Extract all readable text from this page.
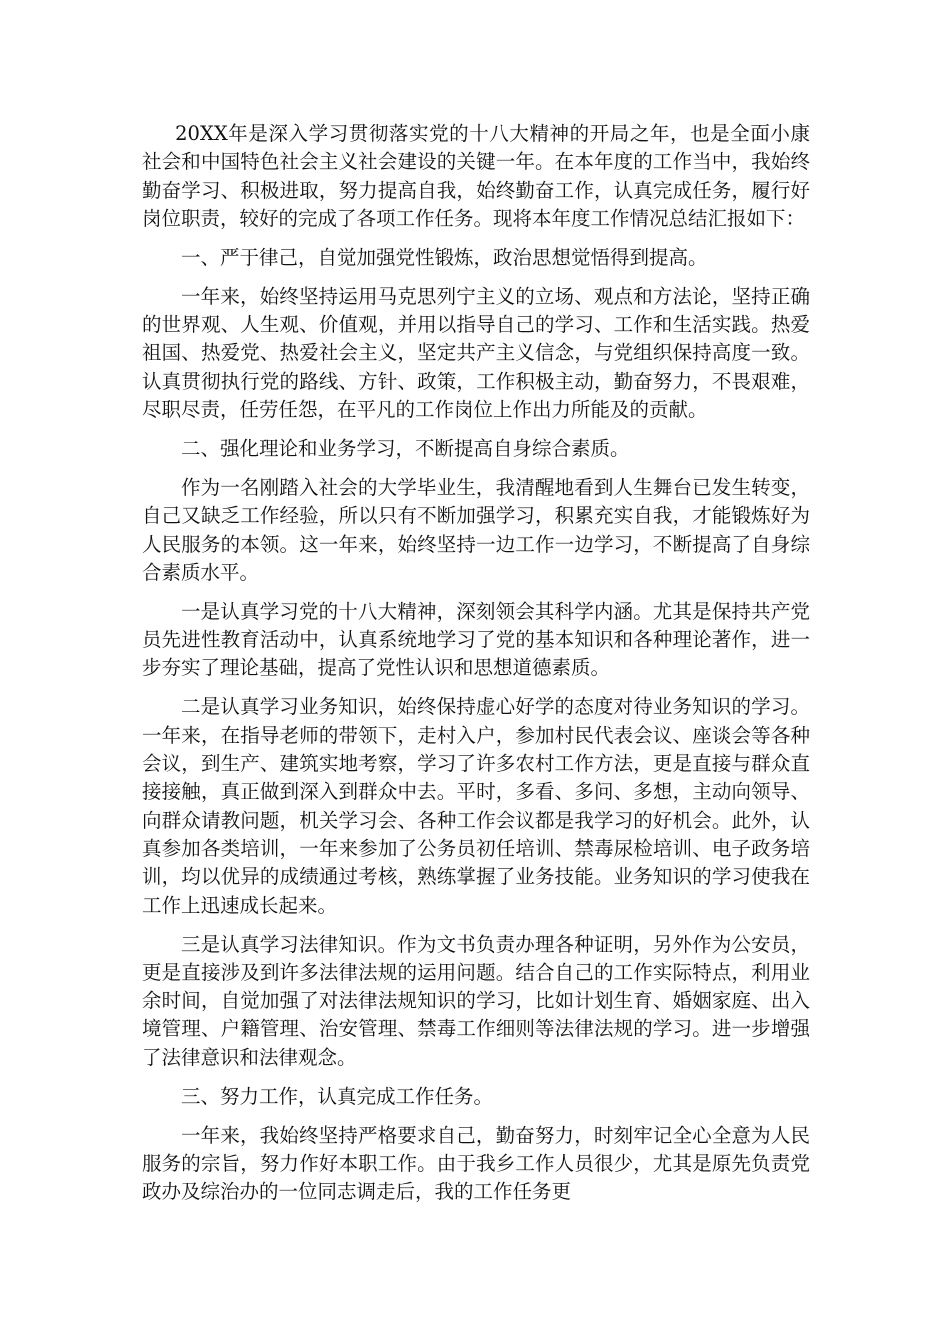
20XX年是深入学习贯彻落实党的十八大精神的开局之年，也是全面小康社会和中国特色社会主义社会建设的关键一年。在本年度的工作当中，我始终勤奋学习、积极进取，努力提高自我，始终勤奋工作，认真完成任务，履行好岗位职责，较好的完成了各项工作任务。现将本年度工作情况总结汇报如下：

一、严于律己，自觉加强党性锻炼，政治思想觉悟得到提高。

一年来，始终坚持运用马克思列宁主义的立场、观点和方法论，坚持正确的世界观、人生观、价值观，并用以指导自己的学习、工作和生活实践。热爱祖国、热爱党、热爱社会主义，坚定共产主义信念，与党组织保持高度一致。认真贯彻执行党的路线、方针、政策，工作积极主动，勤奋努力，不畏艰难，尽职尽责，任劳任怨，在平凡的工作岗位上作出力所能及的贡献。

二、强化理论和业务学习，不断提高自身综合素质。

作为一名刚踏入社会的大学毕业生，我清醒地看到人生舞台已发生转变，自己又缺乏工作经验，所以只有不断加强学习，积累充实自我，才能锻炼好为人民服务的本领。这一年来，始终坚持一边工作一边学习，不断提高了自身综合素质水平。

一是认真学习党的十八大精神，深刻领会其科学内涵。尤其是保持共产党员先进性教育活动中，认真系统地学习了党的基本知识和各种理论著作，进一步夯实了理论基础，提高了党性认识和思想道德素质。

二是认真学习业务知识，始终保持虚心好学的态度对待业务知识的学习。一年来，在指导老师的带领下，走村入户，参加村民代表会议、座谈会等各种会议，到生产、建筑实地考察，学习了许多农村工作方法，更是直接与群众直接接触，真正做到深入到群众中去。平时，多看、多问、多想，主动向领导、向群众请教问题，机关学习会、各种工作会议都是我学习的好机会。此外，认真参加各类培训，一年来参加了公务员初任培训、禁毒尿检培训、电子政务培训，均以优异的成绩通过考核，熟练掌握了业务技能。业务知识的学习使我在工作上迅速成长起来。

三是认真学习法律知识。作为文书负责办理各种证明，另外作为公安员，更是直接涉及到许多法律法规的运用问题。结合自己的工作实际特点，利用业余时间，自觉加强了对法律法规知识的学习，比如计划生育、婚姻家庭、出入境管理、户籍管理、治安管理、禁毒工作细则等法律法规的学习。进一步增强了法律意识和法律观念。

三、努力工作，认真完成工作任务。

一年来，我始终坚持严格要求自己，勤奋努力，时刻牢记全心全意为人民服务的宗旨，努力作好本职工作。由于我乡工作人员很少，尤其是原先负责党政办及综治办的一位同志调走后，我的工作任务更
